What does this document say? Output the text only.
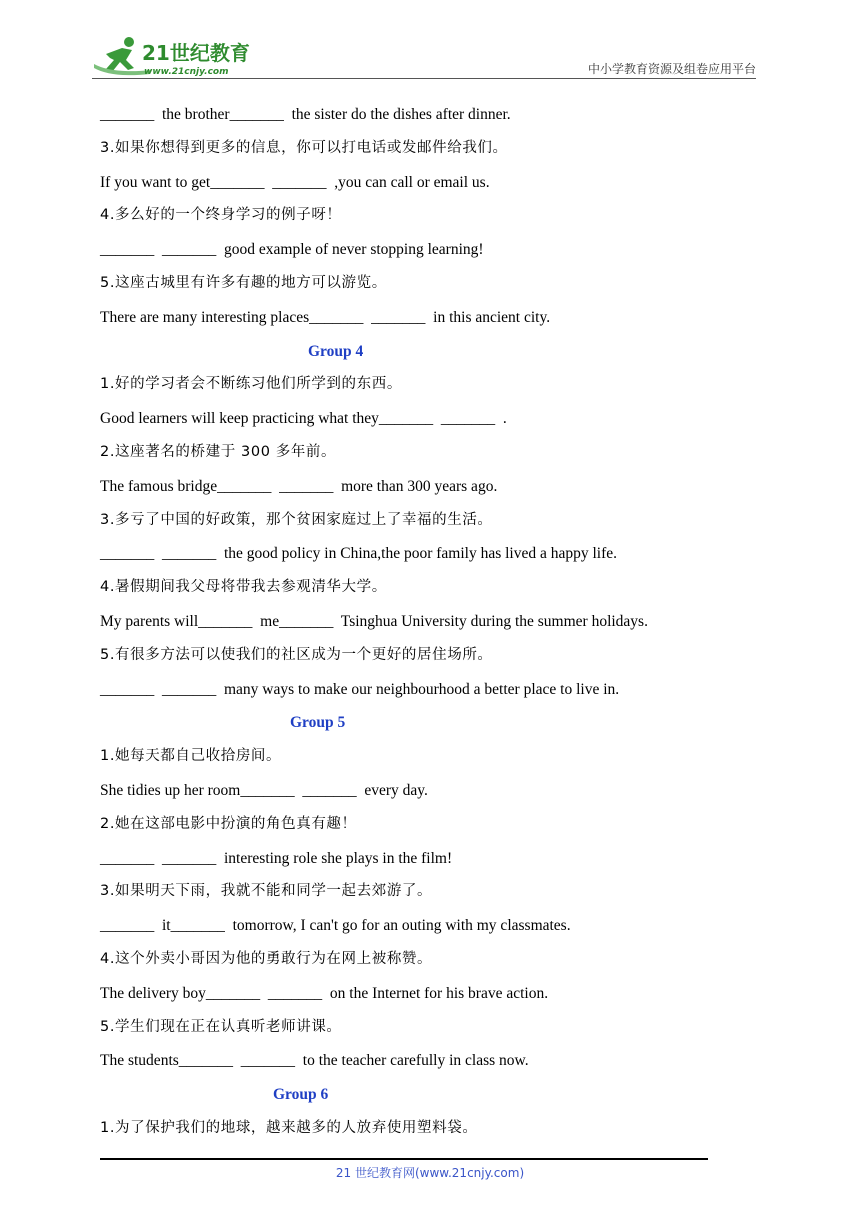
21世纪教育
www.21cnjy.com	中小学教育资源及组卷应用平台
_______  the brother_______  the sister do the dishes after dinner.
3.如果你想得到更多的信息，你可以打电话或发邮件给我们。
If you want to get_______  _______  ,you can call or email us.
4.多么好的一个终身学习的例子呀！
_______  _______  good example of never stopping learning!
5.这座古城里有许多有趣的地方可以游览。
There are many interesting places_______  _______  in this ancient city.
Group 4
1.好的学习者会不断练习他们所学到的东西。
Good learners will keep practicing what they_______  _______  .
2.这座著名的桥建于 300 多年前。
The famous bridge_______  _______  more than 300 years ago.
3.多亏了中国的好政策，那个贫困家庭过上了幸福的生活。
_______  _______  the good policy in China,the poor family has lived a happy life.
4.暑假期间我父母将带我去参观清华大学。
My parents will_______  me_______  Tsinghua University during the summer holidays.
5.有很多方法可以使我们的社区成为一个更好的居住场所。
_______  _______  many ways to make our neighbourhood a better place to live in.
Group 5
1.她每天都自己收拾房间。
She tidies up her room_______  _______  every day.
2.她在这部电影中扮演的角色真有趣！
_______  _______  interesting role she plays in the film!
3.如果明天下雨，我就不能和同学一起去郊游了。
_______  it_______  tomorrow, I can't go for an outing with my classmates.
4.这个外卖小哥因为他的勇敢行为在网上被称赞。
The delivery boy_______  _______  on the Internet for his brave action.
5.学生们现在正在认真听老师讲课。
The students_______  _______  to the teacher carefully in class now.
Group 6
1.为了保护我们的地球，越来越多的人放弃使用塑料袋。
21 世纪教育网(www.21cnjy.com)
